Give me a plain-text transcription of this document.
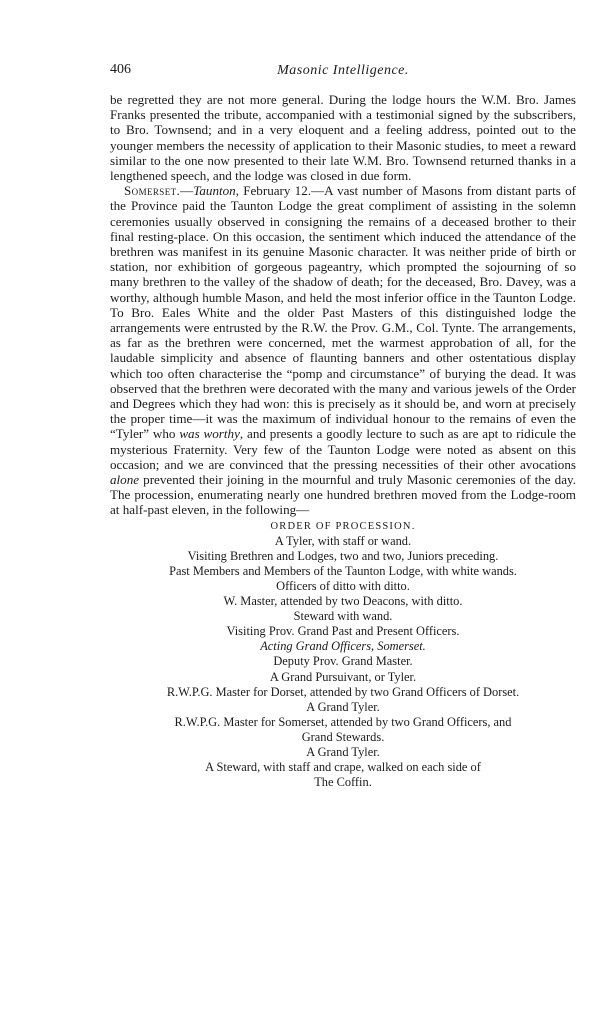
406	Masonic Intelligence.

be regretted they are not more general. During the lodge hours the W.M. Bro. James Franks presented the tribute, accompanied with a testimonial signed by the subscribers, to Bro. Townsend; and in a very eloquent and a feeling address, pointed out to the younger members the necessity of application to their Masonic studies, to meet a reward similar to the one now presented to their late W.M. Bro. Townsend returned thanks in a lengthened speech, and the lodge was closed in due form.

Somerset.—Taunton, February 12.—A vast number of Masons from distant parts of the Province paid the Taunton Lodge the great compliment of assisting in the solemn ceremonies usually observed in consigning the remains of a deceased brother to their final resting-place. On this occasion, the sentiment which induced the attendance of the brethren was manifest in its genuine Masonic character. It was neither pride of birth or station, nor exhibition of gorgeous pageantry, which prompted the sojourning of so many brethren to the valley of the shadow of death; for the deceased, Bro. Davey, was a worthy, although humble Mason, and held the most inferior office in the Taunton Lodge. To Bro. Eales White and the older Past Masters of this distinguished lodge the arrangements were entrusted by the R.W. the Prov. G.M., Col. Tynte. The arrangements, as far as the brethren were concerned, met the warmest approbation of all, for the laudable simplicity and absence of flaunting banners and other ostentatious display which too often characterise the “pomp and circumstance” of burying the dead. It was observed that the brethren were decorated with the many and various jewels of the Order and Degrees which they had won: this is precisely as it should be, and worn at precisely the proper time—it was the maximum of individual honour to the remains of even the “Tyler” who was worthy, and presents a goodly lecture to such as are apt to ridicule the mysterious Fraternity. Very few of the Taunton Lodge were noted as absent on this occasion; and we are convinced that the pressing necessities of their other avocations alone prevented their joining in the mournful and truly Masonic ceremonies of the day. The procession, enumerating nearly one hundred brethren moved from the Lodge-room at half-past eleven, in the following—

ORDER OF PROCESSION.
A Tyler, with staff or wand.
Visiting Brethren and Lodges, two and two, Juniors preceding.
Past Members and Members of the Taunton Lodge, with white wands.
Officers of ditto with ditto.
W. Master, attended by two Deacons, with ditto.
Steward with wand.
Visiting Prov. Grand Past and Present Officers.
Acting Grand Officers, Somerset.
Deputy Prov. Grand Master.
A Grand Pursuivant, or Tyler.
R.W.P.G. Master for Dorset, attended by two Grand Officers of Dorset.
A Grand Tyler.
R.W.P.G. Master for Somerset, attended by two Grand Officers, and
Grand Stewards.
A Grand Tyler.
A Steward, with staff and crape, walked on each side of
The Coffin.
